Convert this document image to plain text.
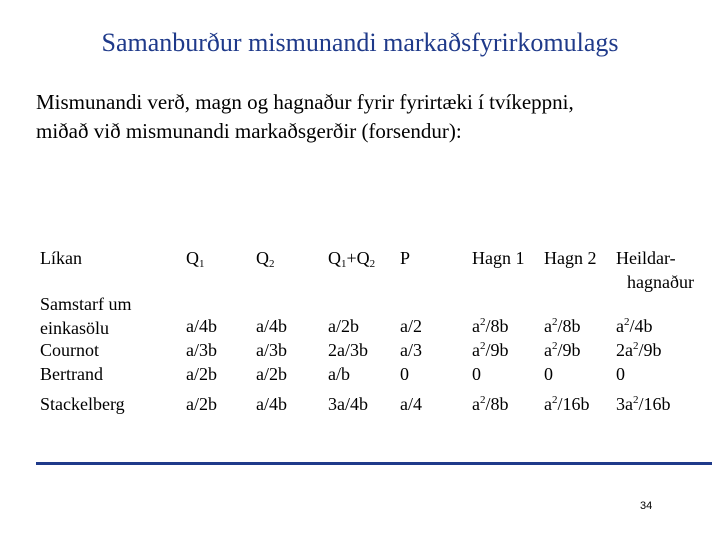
Samanburður mismunandi markaðsfyrirkomulags
Mismunandi verð, magn og hagnaður fyrir fyrirtæki í tvíkeppni,
miðað við mismunandi markaðsgerðir (forsendur):
Líkan	$Q_1$	$Q_2$	$Q_1+Q_2$ P	Hagn 1 Hagn 2 Heildar-
hagnaður
Samstarf um
einkasölu	a/4b a/4b a/2b a/2	$a^2/8b$ $a^2/8b$ $a^2/4b$
Cournot	a/3b a/3b 2a/3b a/3	$a^2/9b$ $a^2/9b$ $2a^2/9b$
Bertrand	a/2b a/2b a/b	0	0	0	0
Stackelberg	a/2b a/4b 3a/4b a/4	$a^2/8b$ $a^2/16b$ $3a^2/16b$
34
